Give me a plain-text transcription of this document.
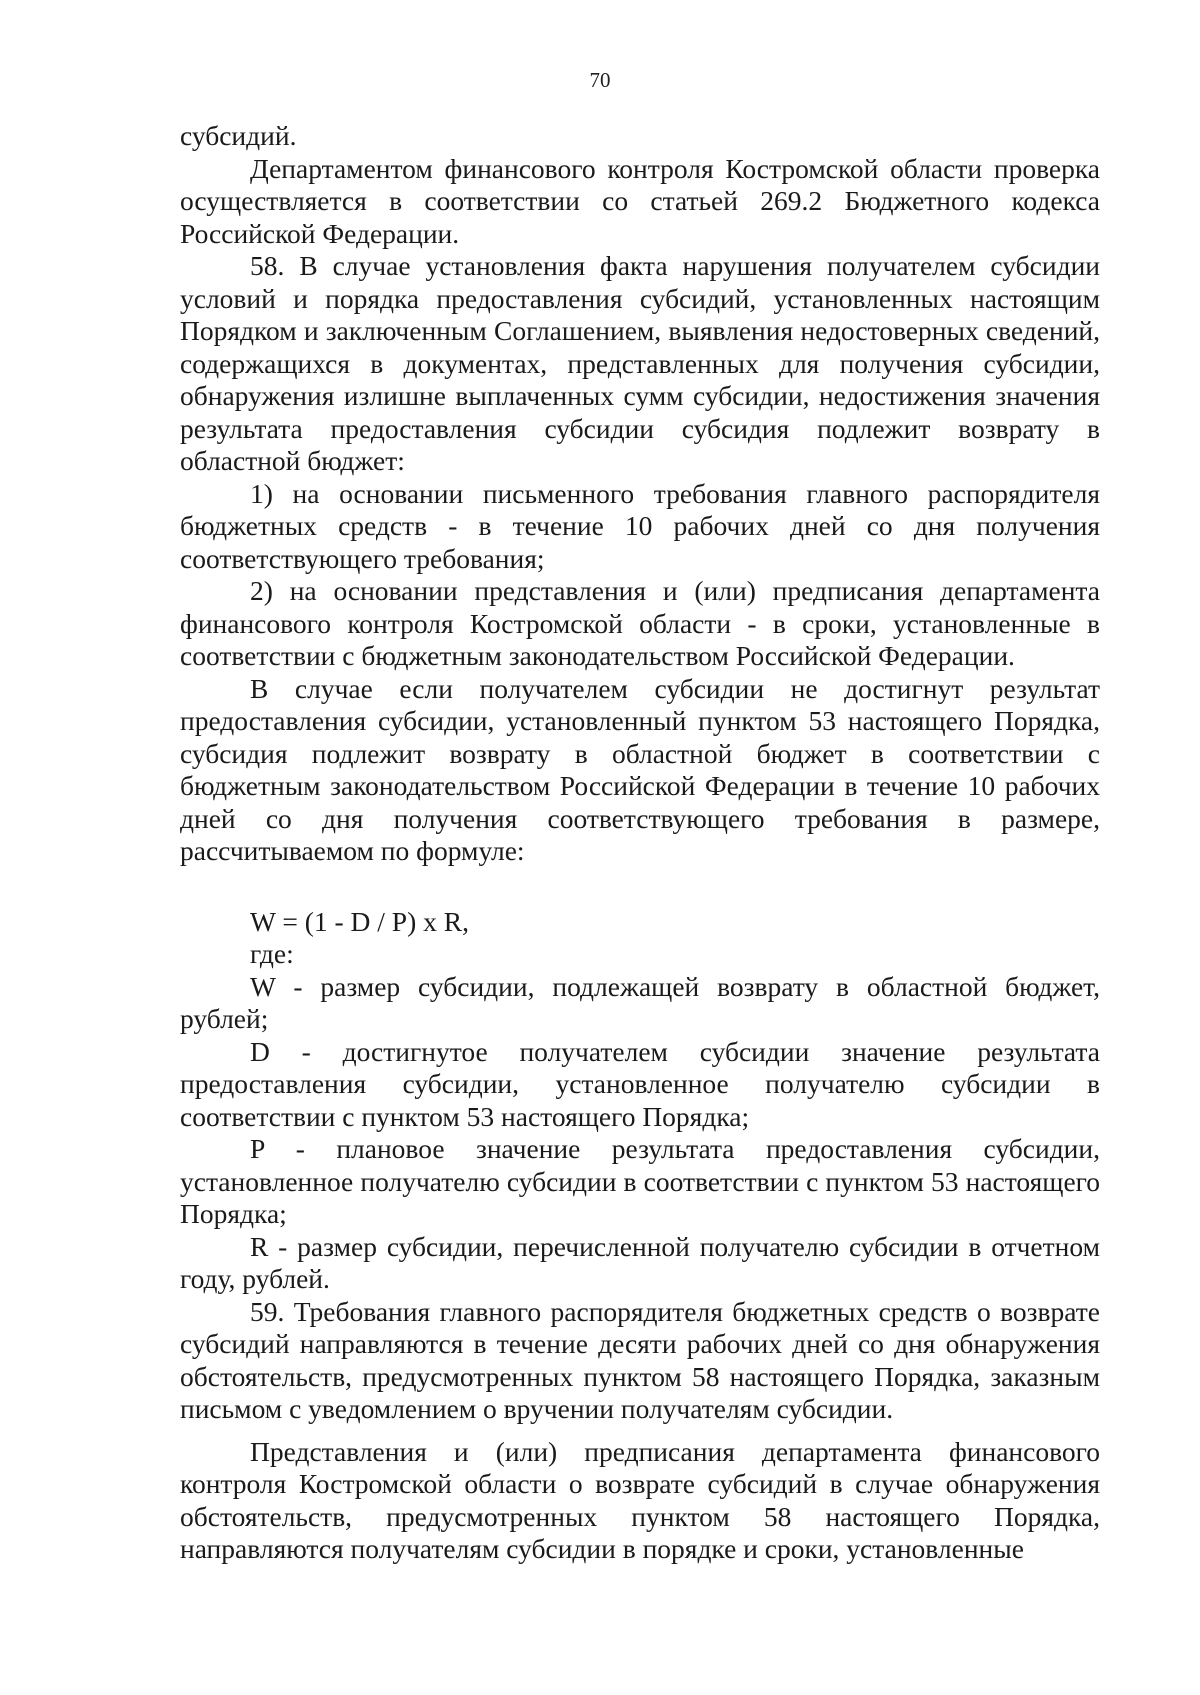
70

субсидий.

Департаментом финансового контроля Костромской области проверка осуществляется в соответствии со статьей 269.2 Бюджетного кодекса Российской Федерации.

58. В случае установления факта нарушения получателем субсидии условий и порядка предоставления субсидий, установленных настоящим Порядком и заключенным Соглашением, выявления недостоверных сведений, содержащихся в документах, представленных для получения субсидии, обнаружения излишне выплаченных сумм субсидии, недостижения значения результата предоставления субсидии субсидия подлежит возврату в областной бюджет:

1) на основании письменного требования главного распорядителя бюджетных средств - в течение 10 рабочих дней со дня получения соответствующего требования;

2) на основании представления и (или) предписания департамента финансового контроля Костромской области - в сроки, установленные в соответствии с бюджетным законодательством Российской Федерации.

В случае если получателем субсидии не достигнут результат предоставления субсидии, установленный пунктом 53 настоящего Порядка, субсидия подлежит возврату в областной бюджет в соответствии с бюджетным законодательством Российской Федерации в течение 10 рабочих дней со дня получения соответствующего требования в размере, рассчитываемом по формуле:

W = (1 - D / P) x R,

где:

W - размер субсидии, подлежащей возврату в областной бюджет, рублей;

D - достигнутое получателем субсидии значение результата предоставления субсидии, установленное получателю субсидии в соответствии с пунктом 53 настоящего Порядка;

P - плановое значение результата предоставления субсидии, установленное получателю субсидии в соответствии с пунктом 53 настоящего Порядка;

R - размер субсидии, перечисленной получателю субсидии в отчетном году, рублей.

59. Требования главного распорядителя бюджетных средств о возврате субсидий направляются в течение десяти рабочих дней со дня обнаружения обстоятельств, предусмотренных пунктом 58 настоящего Порядка, заказным письмом с уведомлением о вручении получателям субсидии.

Представления и (или) предписания департамента финансового контроля Костромской области о возврате субсидий в случае обнаружения обстоятельств, предусмотренных пунктом 58 настоящего Порядка, направляются получателям субсидии в порядке и сроки, установленные
